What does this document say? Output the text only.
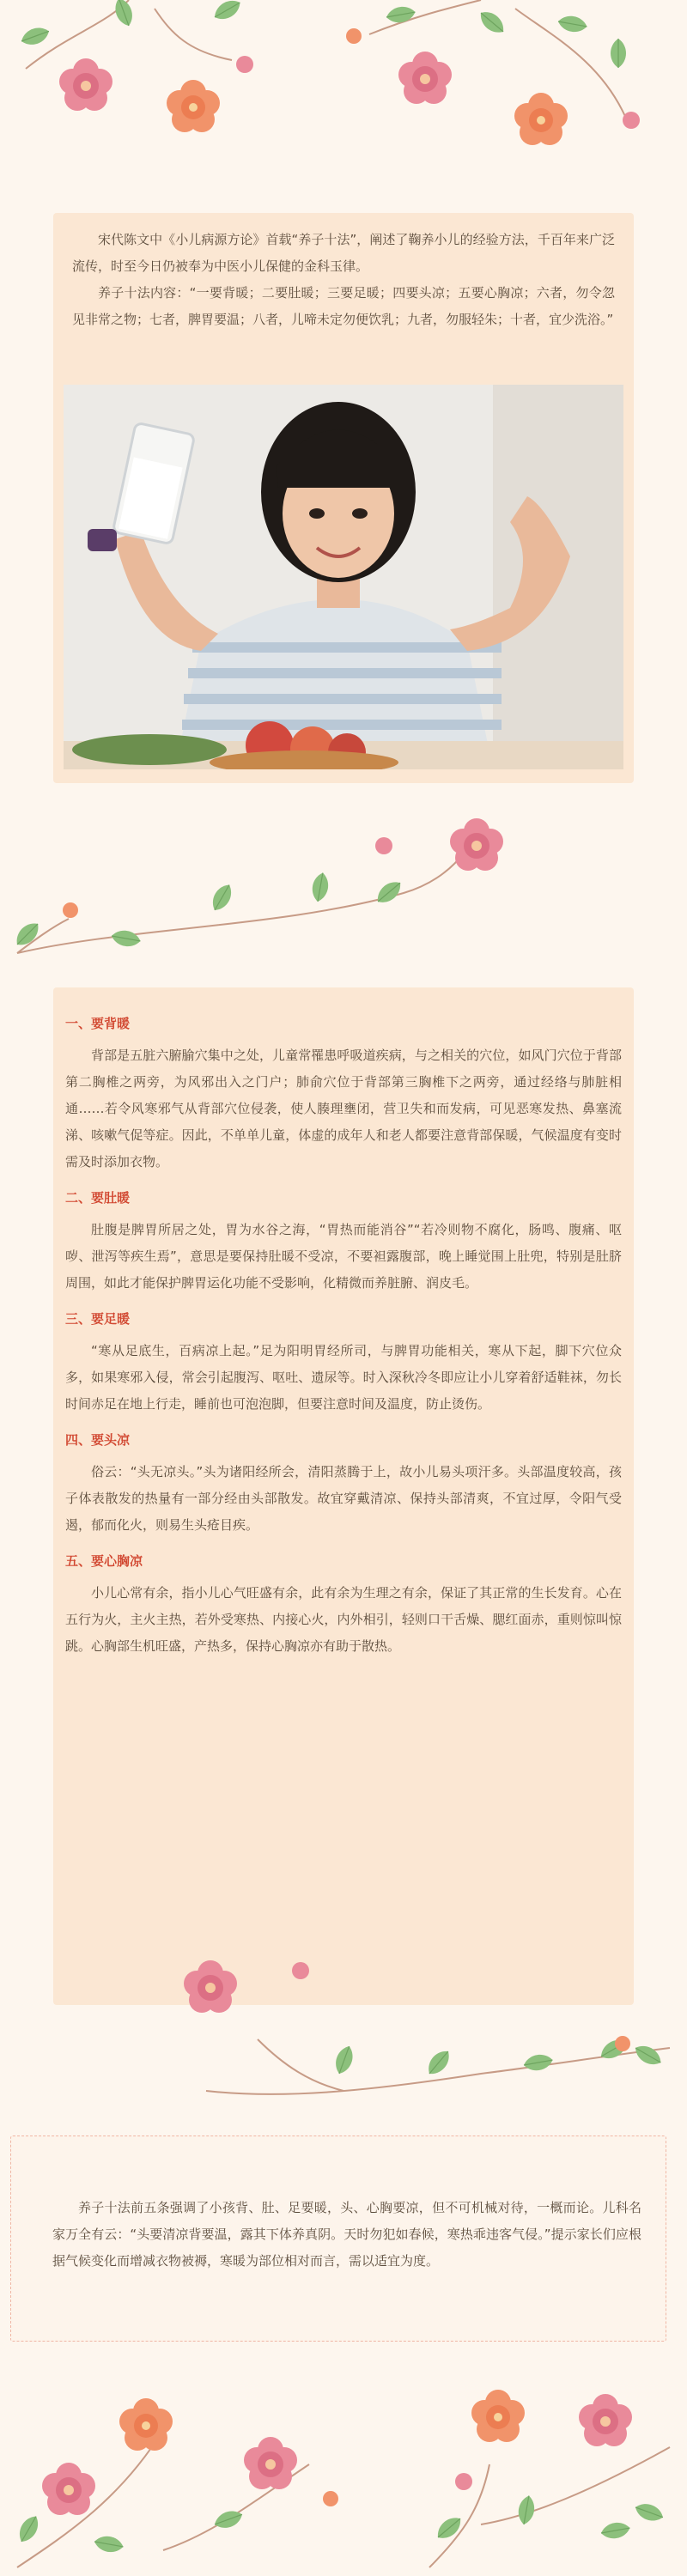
宋代陈文中《小儿病源方论》首载“养子十法”，阐述了鞠养小儿的经验方法，千百年来广泛流传，时至今日仍被奉为中医小儿保健的金科玉律。

养子十法内容：“一要背暖；二要肚暖；三要足暖；四要头凉；五要心胸凉；六者，勿令忽见非常之物；七者，脾胃要温；八者，儿啼未定勿便饮乳；九者，勿服轻朱；十者，宜少洗浴。”

一、要背暖

背部是五脏六腑腧穴集中之处，儿童常罹患呼吸道疾病，与之相关的穴位，如风门穴位于背部第二胸椎之两旁，为风邪出入之门户；肺俞穴位于背部第三胸椎下之两旁，通过经络与肺脏相通……若令风寒邪气从背部穴位侵袭，使人腠理壅闭，营卫失和而发病，可见恶寒发热、鼻塞流涕、咳嗽气促等症。因此，不单单儿童，体虚的成年人和老人都要注意背部保暖，气候温度有变时需及时添加衣物。

二、要肚暖

肚腹是脾胃所居之处，胃为水谷之海，“胃热而能消谷”“若冷则物不腐化，肠鸣、腹痛、呕哕、泄泻等疾生焉”，意思是要保持肚暖不受凉，不要袒露腹部，晚上睡觉围上肚兜，特别是肚脐周围，如此才能保护脾胃运化功能不受影响，化精微而养脏腑、润皮毛。

三、要足暖

“寒从足底生，百病凉上起。”足为阳明胃经所司，与脾胃功能相关，寒从下起，脚下穴位众多，如果寒邪入侵，常会引起腹泻、呕吐、遗尿等。时入深秋冷冬即应让小儿穿着舒适鞋袜，勿长时间赤足在地上行走，睡前也可泡泡脚，但要注意时间及温度，防止烫伤。

四、要头凉

俗云：“头无凉头。”头为诸阳经所会，清阳蒸腾于上，故小儿易头项汗多。头部温度较高，孩子体表散发的热量有一部分经由头部散发。故宜穿戴清凉、保持头部清爽，不宜过厚，令阳气受遏，郁而化火，则易生头疮目疾。

五、要心胸凉

小儿心常有余，指小儿心气旺盛有余，此有余为生理之有余，保证了其正常的生长发育。心在五行为火，主火主热，若外受寒热、内接心火，内外相引，轻则口干舌燥、腮红面赤，重则惊叫惊跳。心胸部生机旺盛，产热多，保持心胸凉亦有助于散热。

养子十法前五条强调了小孩背、肚、足要暖，头、心胸要凉，但不可机械对待，一概而论。儿科名家万全有云：“头要清凉背要温，露其下体养真阴。天时勿犯如春候，寒热乖违客气侵。”提示家长们应根据气候变化而增减衣物被褥，寒暖为部位相对而言，需以适宜为度。
